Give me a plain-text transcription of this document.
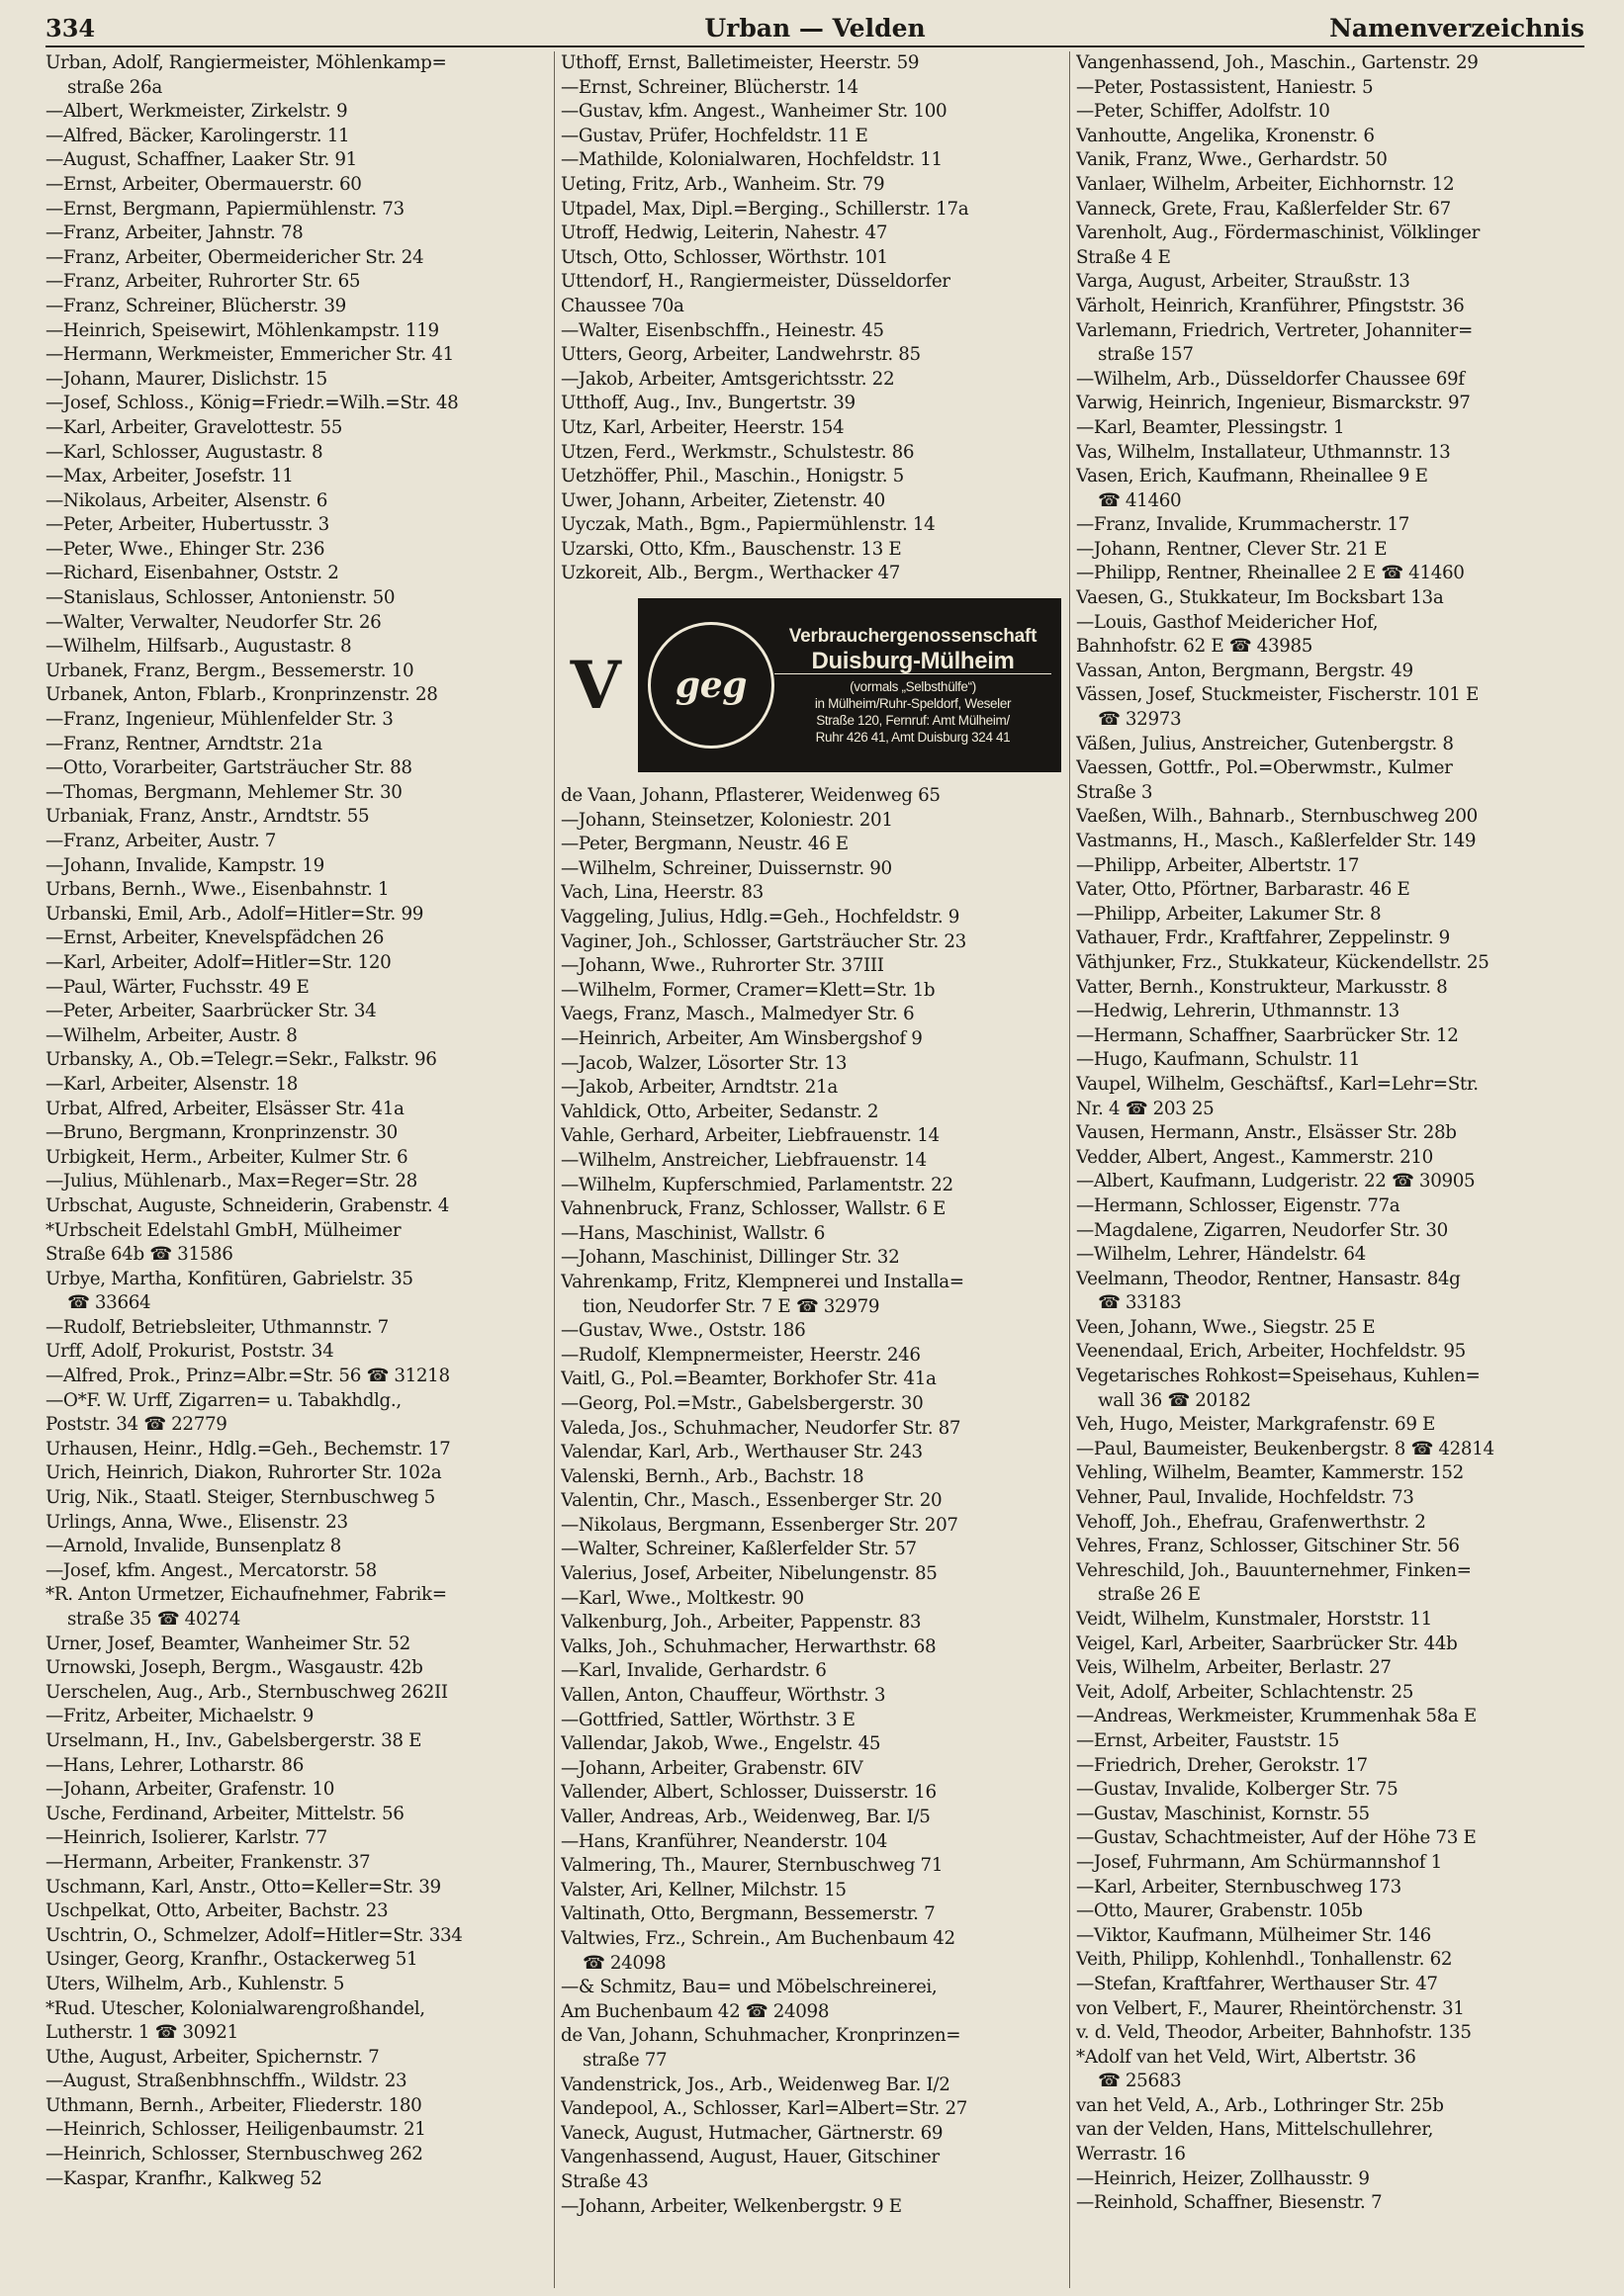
334	Urban — Velden	Namenverzeichnis
Urban, Adolf, Rangiermeister, Möhlenkamp=
straße 26a
—Albert, Werkmeister, Zirkelstr. 9
—Alfred, Bäcker, Karolingerstr. 11
—August, Schaffner, Laaker Str. 91
—Ernst, Arbeiter, Obermauerstr. 60
—Ernst, Bergmann, Papiermühlenstr. 73
—Franz, Arbeiter, Jahnstr. 78
—Franz, Arbeiter, Obermeidericher Str. 24
—Franz, Arbeiter, Ruhrorter Str. 65
—Franz, Schreiner, Blücherstr. 39
—Heinrich, Speisewirt, Möhlenkampstr. 119
—Hermann, Werkmeister, Emmericher Str. 41
—Johann, Maurer, Dislichstr. 15
—Josef, Schloss., König=Friedr.=Wilh.=Str. 48
—Karl, Arbeiter, Gravelottestr. 55
—Karl, Schlosser, Augustastr. 8
—Max, Arbeiter, Josefstr. 11
—Nikolaus, Arbeiter, Alsenstr. 6
—Peter, Arbeiter, Hubertusstr. 3
—Peter, Wwe., Ehinger Str. 236
—Richard, Eisenbahner, Oststr. 2
—Stanislaus, Schlosser, Antonienstr. 50
—Walter, Verwalter, Neudorfer Str. 26
—Wilhelm, Hilfsarb., Augustastr. 8
Urbanek, Franz, Bergm., Bessemerstr. 10
Urbanek, Anton, Fblarb., Kronprinzenstr. 28
—Franz, Ingenieur, Mühlenfelder Str. 3
—Franz, Rentner, Arndtstr. 21a
—Otto, Vorarbeiter, Gartsträucher Str. 88
—Thomas, Bergmann, Mehlemer Str. 30
Urbaniak, Franz, Anstr., Arndtstr. 55
—Franz, Arbeiter, Austr. 7
—Johann, Invalide, Kampstr. 19
Urbans, Bernh., Wwe., Eisenbahnstr. 1
Urbanski, Emil, Arb., Adolf=Hitler=Str. 99
—Ernst, Arbeiter, Knevelspfädchen 26
—Karl, Arbeiter, Adolf=Hitler=Str. 120
—Paul, Wärter, Fuchsstr. 49 E
—Peter, Arbeiter, Saarbrücker Str. 34
—Wilhelm, Arbeiter, Austr. 8
Urbansky, A., Ob.=Telegr.=Sekr., Falkstr. 96
—Karl, Arbeiter, Alsenstr. 18
Urbat, Alfred, Arbeiter, Elsässer Str. 41a
—Bruno, Bergmann, Kronprinzenstr. 30
Urbigkeit, Herm., Arbeiter, Kulmer Str. 6
—Julius, Mühlenarb., Max=Reger=Str. 28
Urbschat, Auguste, Schneiderin, Grabenstr. 4
*Urbscheit Edelstahl GmbH, Mülheimer
Straße 64b ☎ 31586
Urbye, Martha, Konfitüren, Gabrielstr. 35
☎ 33664
—Rudolf, Betriebsleiter, Uthmannstr. 7
Urff, Adolf, Prokurist, Poststr. 34
—Alfred, Prok., Prinz=Albr.=Str. 56 ☎ 31218
—O*F. W. Urff, Zigarren= u. Tabakhdlg.,
Poststr. 34 ☎ 22779
Urhausen, Heinr., Hdlg.=Geh., Bechemstr. 17
Urich, Heinrich, Diakon, Ruhrorter Str. 102a
Urig, Nik., Staatl. Steiger, Sternbuschweg 5
Urlings, Anna, Wwe., Elisenstr. 23
—Arnold, Invalide, Bunsenplatz 8
—Josef, kfm. Angest., Mercatorstr. 58
*R. Anton Urmetzer, Eichaufnehmer, Fabrik=
straße 35 ☎ 40274
Urner, Josef, Beamter, Wanheimer Str. 52
Urnowski, Joseph, Bergm., Wasgaustr. 42b
Uerschelen, Aug., Arb., Sternbuschweg 262II
—Fritz, Arbeiter, Michaelstr. 9
Urselmann, H., Inv., Gabelsbergerstr. 38 E
—Hans, Lehrer, Lotharstr. 86
—Johann, Arbeiter, Grafenstr. 10
Usche, Ferdinand, Arbeiter, Mittelstr. 56
—Heinrich, Isolierer, Karlstr. 77
—Hermann, Arbeiter, Frankenstr. 37
Uschmann, Karl, Anstr., Otto=Keller=Str. 39
Uschpelkat, Otto, Arbeiter, Bachstr. 23
Uschtrin, O., Schmelzer, Adolf=Hitler=Str. 334
Usinger, Georg, Kranfhr., Ostackerweg 51
Uters, Wilhelm, Arb., Kuhlenstr. 5
*Rud. Utescher, Kolonialwarengroßhandel,
Lutherstr. 1 ☎ 30921
Uthe, August, Arbeiter, Spichernstr. 7
—August, Straßenbhnschffn., Wildstr. 23
Uthmann, Bernh., Arbeiter, Fliederstr. 180
—Heinrich, Schlosser, Heiligenbaumstr. 21
—Heinrich, Schlosser, Sternbuschweg 262
—Kaspar, Kranfhr., Kalkweg 52
Uthoff, Ernst, Balletimeister, Heerstr. 59
—Ernst, Schreiner, Blücherstr. 14
—Gustav, kfm. Angest., Wanheimer Str. 100
—Gustav, Prüfer, Hochfeldstr. 11 E
—Mathilde, Kolonialwaren, Hochfeldstr. 11
Ueting, Fritz, Arb., Wanheim. Str. 79
Utpadel, Max, Dipl.=Berging., Schillerstr. 17a
Utroff, Hedwig, Leiterin, Nahestr. 47
Utsch, Otto, Schlosser, Wörthstr. 101
Uttendorf, H., Rangiermeister, Düsseldorfer
Chaussee 70a
—Walter, Eisenbschffn., Heinestr. 45
Utters, Georg, Arbeiter, Landwehrstr. 85
—Jakob, Arbeiter, Amtsgerichtsstr. 22
Utthoff, Aug., Inv., Bungertstr. 39
Utz, Karl, Arbeiter, Heerstr. 154
Utzen, Ferd., Werkmstr., Schulstestr. 86
Uetzhöffer, Phil., Maschin., Honigstr. 5
Uwer, Johann, Arbeiter, Zietenstr. 40
Uyczak, Math., Bgm., Papiermühlenstr. 14
Uzarski, Otto, Kfm., Bauschenstr. 13 E
Uzkoreit, Alb., Bergm., Werthacker 47
V	geg
Verbrauchergenossenschaft
Duisburg-Mülheim
(vormals „Selbsthülfe“)
in Mülheim/Ruhr-Speldorf, Weseler
Straße 120, Fernruf: Amt Mülheim/
Ruhr 426 41, Amt Duisburg 324 41
de Vaan, Johann, Pflasterer, Weidenweg 65
—Johann, Steinsetzer, Koloniestr. 201
—Peter, Bergmann, Neustr. 46 E
—Wilhelm, Schreiner, Duissernstr. 90
Vach, Lina, Heerstr. 83
Vaggeling, Julius, Hdlg.=Geh., Hochfeldstr. 9
Vaginer, Joh., Schlosser, Gartsträucher Str. 23
—Johann, Wwe., Ruhrorter Str. 37III
—Wilhelm, Former, Cramer=Klett=Str. 1b
Vaegs, Franz, Masch., Malmedyer Str. 6
—Heinrich, Arbeiter, Am Winsbergshof 9
—Jacob, Walzer, Lösorter Str. 13
—Jakob, Arbeiter, Arndtstr. 21a
Vahldick, Otto, Arbeiter, Sedanstr. 2
Vahle, Gerhard, Arbeiter, Liebfrauenstr. 14
—Wilhelm, Anstreicher, Liebfrauenstr. 14
—Wilhelm, Kupferschmied, Parlamentstr. 22
Vahnenbruck, Franz, Schlosser, Wallstr. 6 E
—Hans, Maschinist, Wallstr. 6
—Johann, Maschinist, Dillinger Str. 32
Vahrenkamp, Fritz, Klempnerei und Installa=
tion, Neudorfer Str. 7 E ☎ 32979
—Gustav, Wwe., Oststr. 186
—Rudolf, Klempnermeister, Heerstr. 246
Vaitl, G., Pol.=Beamter, Borkhofer Str. 41a
—Georg, Pol.=Mstr., Gabelsbergerstr. 30
Valeda, Jos., Schuhmacher, Neudorfer Str. 87
Valendar, Karl, Arb., Werthauser Str. 243
Valenski, Bernh., Arb., Bachstr. 18
Valentin, Chr., Masch., Essenberger Str. 20
—Nikolaus, Bergmann, Essenberger Str. 207
—Walter, Schreiner, Kaßlerfelder Str. 57
Valerius, Josef, Arbeiter, Nibelungenstr. 85
—Karl, Wwe., Moltkestr. 90
Valkenburg, Joh., Arbeiter, Pappenstr. 83
Valks, Joh., Schuhmacher, Herwarthstr. 68
—Karl, Invalide, Gerhardstr. 6
Vallen, Anton, Chauffeur, Wörthstr. 3
—Gottfried, Sattler, Wörthstr. 3 E
Vallendar, Jakob, Wwe., Engelstr. 45
—Johann, Arbeiter, Grabenstr. 6IV
Vallender, Albert, Schlosser, Duisserstr. 16
Valler, Andreas, Arb., Weidenweg, Bar. I/5
—Hans, Kranführer, Neanderstr. 104
Valmering, Th., Maurer, Sternbuschweg 71
Valster, Ari, Kellner, Milchstr. 15
Valtinath, Otto, Bergmann, Bessemerstr. 7
Valtwies, Frz., Schrein., Am Buchenbaum 42
☎ 24098
—& Schmitz, Bau= und Möbelschreinerei,
Am Buchenbaum 42 ☎ 24098
de Van, Johann, Schuhmacher, Kronprinzen=
straße 77
Vandenstrick, Jos., Arb., Weidenweg Bar. I/2
Vandepool, A., Schlosser, Karl=Albert=Str. 27
Vaneck, August, Hutmacher, Gärtnerstr. 69
Vangenhassend, August, Hauer, Gitschiner
Straße 43
—Johann, Arbeiter, Welkenbergstr. 9 E
Vangenhassend, Joh., Maschin., Gartenstr. 29
—Peter, Postassistent, Haniestr. 5
—Peter, Schiffer, Adolfstr. 10
Vanhoutte, Angelika, Kronenstr. 6
Vanik, Franz, Wwe., Gerhardstr. 50
Vanlaer, Wilhelm, Arbeiter, Eichhornstr. 12
Vanneck, Grete, Frau, Kaßlerfelder Str. 67
Varenholt, Aug., Fördermaschinist, Völklinger
Straße 4 E
Varga, August, Arbeiter, Straußstr. 13
Värholt, Heinrich, Kranführer, Pfingststr. 36
Varlemann, Friedrich, Vertreter, Johanniter=
straße 157
—Wilhelm, Arb., Düsseldorfer Chaussee 69f
Varwig, Heinrich, Ingenieur, Bismarckstr. 97
—Karl, Beamter, Plessingstr. 1
Vas, Wilhelm, Installateur, Uthmannstr. 13
Vasen, Erich, Kaufmann, Rheinallee 9 E
☎ 41460
—Franz, Invalide, Krummacherstr. 17
—Johann, Rentner, Clever Str. 21 E
—Philipp, Rentner, Rheinallee 2 E ☎ 41460
Vaesen, G., Stukkateur, Im Bocksbart 13a
—Louis, Gasthof Meidericher Hof,
Bahnhofstr. 62 E ☎ 43985
Vassan, Anton, Bergmann, Bergstr. 49
Vässen, Josef, Stuckmeister, Fischerstr. 101 E
☎ 32973
Väßen, Julius, Anstreicher, Gutenbergstr. 8
Vaessen, Gottfr., Pol.=Oberwmstr., Kulmer
Straße 3
Vaeßen, Wilh., Bahnarb., Sternbuschweg 200
Vastmanns, H., Masch., Kaßlerfelder Str. 149
—Philipp, Arbeiter, Albertstr. 17
Vater, Otto, Pförtner, Barbarastr. 46 E
—Philipp, Arbeiter, Lakumer Str. 8
Vathauer, Frdr., Kraftfahrer, Zeppelinstr. 9
Väthjunker, Frz., Stukkateur, Kückendellstr. 25
Vatter, Bernh., Konstrukteur, Markusstr. 8
—Hedwig, Lehrerin, Uthmannstr. 13
—Hermann, Schaffner, Saarbrücker Str. 12
—Hugo, Kaufmann, Schulstr. 11
Vaupel, Wilhelm, Geschäftsf., Karl=Lehr=Str.
Nr. 4 ☎ 203 25
Vausen, Hermann, Anstr., Elsässer Str. 28b
Vedder, Albert, Angest., Kammerstr. 210
—Albert, Kaufmann, Ludgeristr. 22 ☎ 30905
—Hermann, Schlosser, Eigenstr. 77a
—Magdalene, Zigarren, Neudorfer Str. 30
—Wilhelm, Lehrer, Händelstr. 64
Veelmann, Theodor, Rentner, Hansastr. 84g
☎ 33183
Veen, Johann, Wwe., Siegstr. 25 E
Veenendaal, Erich, Arbeiter, Hochfeldstr. 95
Vegetarisches Rohkost=Speisehaus, Kuhlen=
wall 36 ☎ 20182
Veh, Hugo, Meister, Markgrafenstr. 69 E
—Paul, Baumeister, Beukenbergstr. 8 ☎ 42814
Vehling, Wilhelm, Beamter, Kammerstr. 152
Vehner, Paul, Invalide, Hochfeldstr. 73
Vehoff, Joh., Ehefrau, Grafenwerthstr. 2
Vehres, Franz, Schlosser, Gitschiner Str. 56
Vehreschild, Joh., Bauunternehmer, Finken=
straße 26 E
Veidt, Wilhelm, Kunstmaler, Horststr. 11
Veigel, Karl, Arbeiter, Saarbrücker Str. 44b
Veis, Wilhelm, Arbeiter, Berlastr. 27
Veit, Adolf, Arbeiter, Schlachtenstr. 25
—Andreas, Werkmeister, Krummenhak 58a E
—Ernst, Arbeiter, Fauststr. 15
—Friedrich, Dreher, Gerokstr. 17
—Gustav, Invalide, Kolberger Str. 75
—Gustav, Maschinist, Kornstr. 55
—Gustav, Schachtmeister, Auf der Höhe 73 E
—Josef, Fuhrmann, Am Schürmannshof 1
—Karl, Arbeiter, Sternbuschweg 173
—Otto, Maurer, Grabenstr. 105b
—Viktor, Kaufmann, Mülheimer Str. 146
Veith, Philipp, Kohlenhdl., Tonhallenstr. 62
—Stefan, Kraftfahrer, Werthauser Str. 47
von Velbert, F., Maurer, Rheintörchenstr. 31
v. d. Veld, Theodor, Arbeiter, Bahnhofstr. 135
*Adolf van het Veld, Wirt, Albertstr. 36
☎ 25683
van het Veld, A., Arb., Lothringer Str. 25b
van der Velden, Hans, Mittelschullehrer,
Werrastr. 16
—Heinrich, Heizer, Zollhausstr. 9
—Reinhold, Schaffner, Biesenstr. 7
